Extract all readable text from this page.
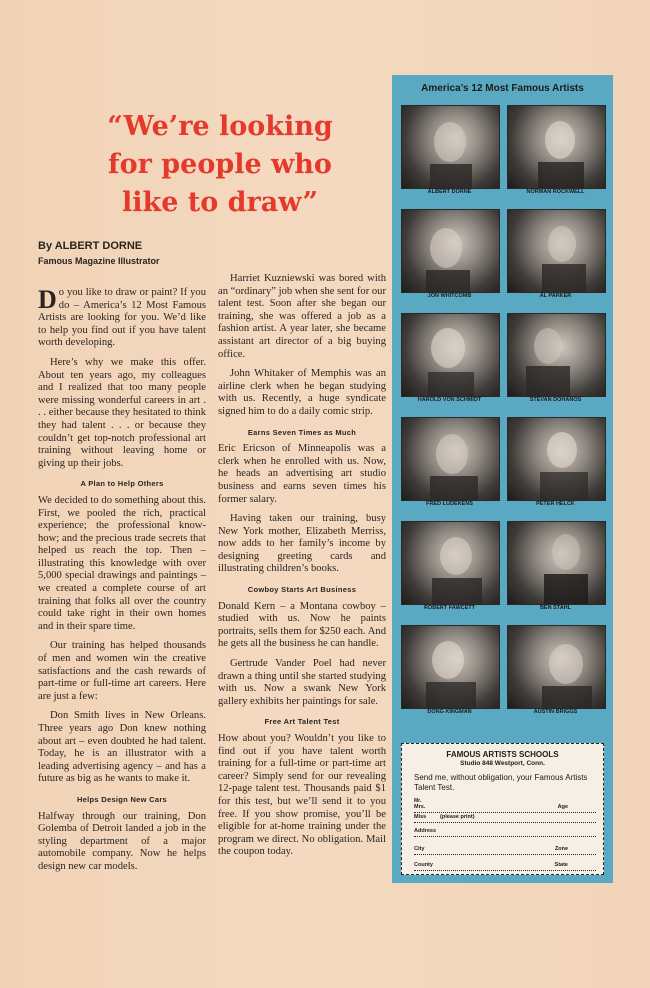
“We’re looking
for people who
like to draw”
By ALBERT DORNE
Famous Magazine Illustrator

Do you like to draw or paint? If you do – America’s 12 Most Famous Artists are looking for you. We’d like to help you find out if you have talent worth developing.

Here’s why we make this offer. About ten years ago, my colleagues and I realized that too many people were missing wonderful careers in art . . . either because they hesitated to think they had talent . . . or because they couldn’t get top-notch professional art training without leaving home or giving up their jobs.

A Plan to Help Others

We decided to do something about this. First, we pooled the rich, practical experience; the professional know-how; and the precious trade secrets that helped us reach the top. Then – illustrating this knowledge with over 5,000 special drawings and paintings – we created a complete course of art training that folks all over the country could take right in their own homes and in their spare time.

Our training has helped thousands of men and women win the creative satisfactions and the cash rewards of part-time or full-time art careers. Here are just a few:

Don Smith lives in New Orleans. Three years ago Don knew nothing about art – even doubted he had talent. Today, he is an illustrator with a leading advertising agency – and has a future as big as he wants to make it.

Helps Design New Cars

Halfway through our training, Don Golemba of Detroit landed a job in the styling department of a major automobile company. Now he helps design new car models.

Harriet Kuzniewski was bored with an “ordinary” job when she sent for our talent test. Soon after she began our training, she was offered a job as a fashion artist. A year later, she became assistant art director of a big buying office.

John Whitaker of Memphis was an airline clerk when he began studying with us. Recently, a huge syndicate signed him to do a daily comic strip.

Earns Seven Times as Much

Eric Ericson of Minneapolis was a clerk when he enrolled with us. Now, he heads an advertising art studio business and earns seven times his former salary.

Having taken our training, busy New York mother, Elizabeth Merriss, now adds to her family’s income by designing greeting cards and illustrating children’s books.

Cowboy Starts Art Business

Donald Kern – a Montana cowboy – studied with us. Now he paints portraits, sells them for $250 each. And he gets all the business he can handle.

Gertrude Vander Poel had never drawn a thing until she started studying with us. Now a swank New York gallery exhibits her paintings for sale.

Free Art Talent Test

How about you? Wouldn’t you like to find out if you have talent worth training for a full-time or part-time art career? Simply send for our revealing 12-page talent test. Thousands paid $1 for this test, but we’ll send it to you free. If you show promise, you’ll be eligible for at-home training under the program we direct. No obligation. Mail the coupon today.

America’s 12 Most Famous Artists
ALBERT DORNE	NORMAN ROCKWELL
JON WHITCOMB	AL PARKER
HAROLD VON SCHMIDT	STEVAN DOHANOS
FRED LUDEKENS	PETER HELCK
ROBERT FAWCETT	BEN STAHL
DONG KINGMAN	AUSTIN BRIGGS
FAMOUS ARTISTS SCHOOLS
Studio 848 Westport, Conn.
Send me, without obligation, your Famous Artists Talent Test.
Mr.
Mrs.	Age
Miss	(please print)
Address
City	Zone
County	State
